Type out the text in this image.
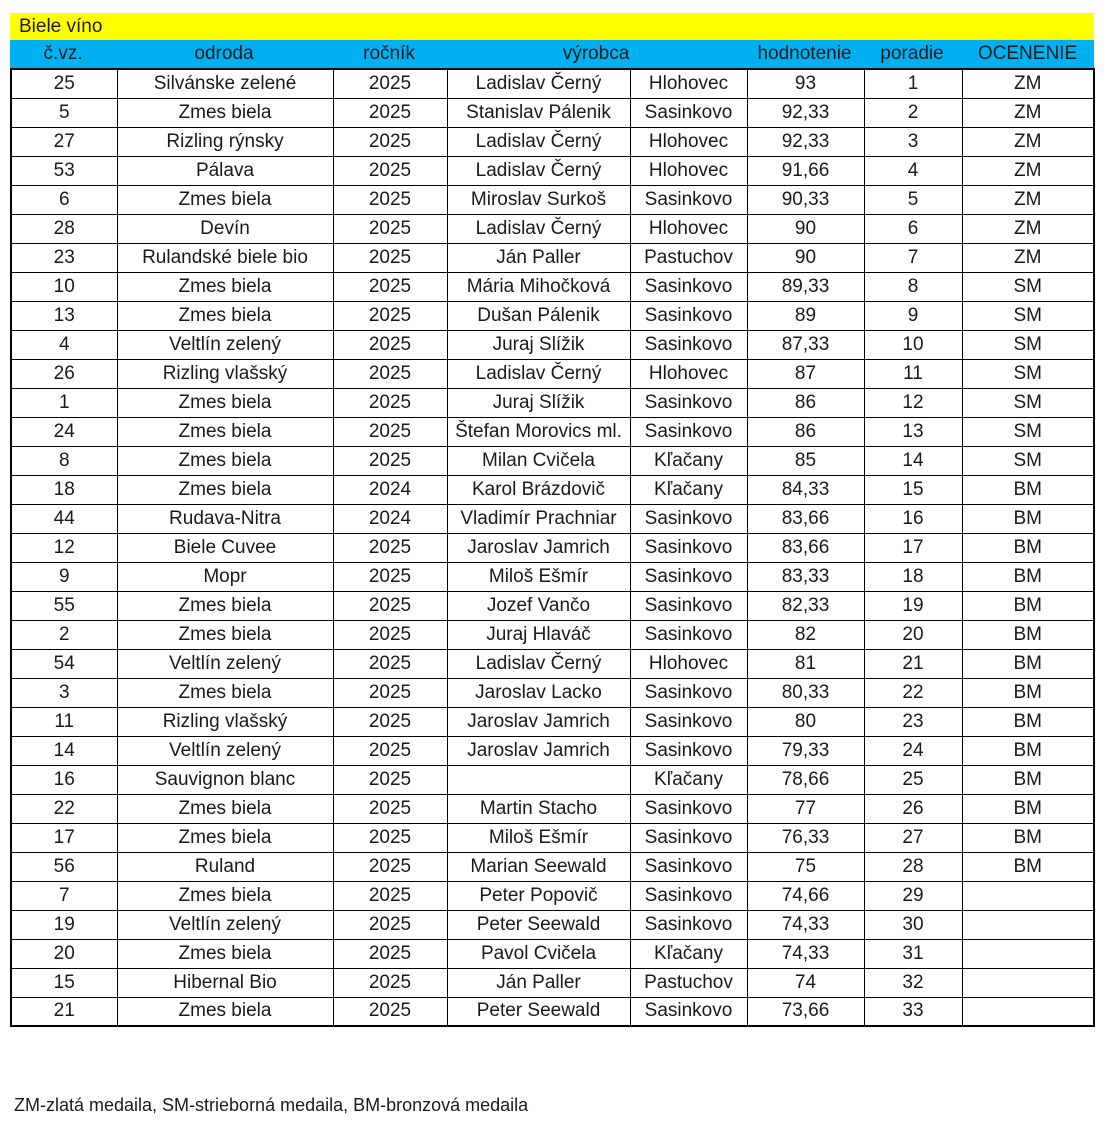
Biele víno
č.vz.	odroda	ročník	výrobca	hodnotenie	poradie	OCENENIE
25	Silvánske zelené	2025	Ladislav Černý	Hlohovec	93	1	ZM
5	Zmes biela	2025	Stanislav Pálenik	Sasinkovo	92,33	2	ZM
27	Rizling rýnsky	2025	Ladislav Černý	Hlohovec	92,33	3	ZM
53	Pálava	2025	Ladislav Černý	Hlohovec	91,66	4	ZM
6	Zmes biela	2025	Miroslav Surkoš	Sasinkovo	90,33	5	ZM
28	Devín	2025	Ladislav Černý	Hlohovec	90	6	ZM
23	Rulandské biele bio	2025	Ján Paller	Pastuchov	90	7	ZM
10	Zmes biela	2025	Mária Mihočková	Sasinkovo	89,33	8	SM
13	Zmes biela	2025	Dušan Pálenik	Sasinkovo	89	9	SM
4	Veltlín zelený	2025	Juraj Slížik	Sasinkovo	87,33	10	SM
26	Rizling vlašský	2025	Ladislav Černý	Hlohovec	87	11	SM
1	Zmes biela	2025	Juraj Slížik	Sasinkovo	86	12	SM
24	Zmes biela	2025	Štefan Morovics ml.	Sasinkovo	86	13	SM
8	Zmes biela	2025	Milan Cvičela	Kľačany	85	14	SM
18	Zmes biela	2024	Karol Brázdovič	Kľačany	84,33	15	BM
44	Rudava-Nitra	2024	Vladimír Prachniar	Sasinkovo	83,66	16	BM
12	Biele Cuvee	2025	Jaroslav Jamrich	Sasinkovo	83,66	17	BM
9	Mopr	2025	Miloš Ešmír	Sasinkovo	83,33	18	BM
55	Zmes biela	2025	Jozef Vančo	Sasinkovo	82,33	19	BM
2	Zmes biela	2025	Juraj Hlaváč	Sasinkovo	82	20	BM
54	Veltlín zelený	2025	Ladislav Černý	Hlohovec	81	21	BM
3	Zmes biela	2025	Jaroslav Lacko	Sasinkovo	80,33	22	BM
11	Rizling vlašský	2025	Jaroslav Jamrich	Sasinkovo	80	23	BM
14	Veltlín zelený	2025	Jaroslav Jamrich	Sasinkovo	79,33	24	BM
16	Sauvignon blanc	2025		Kľačany	78,66	25	BM
22	Zmes biela	2025	Martin Stacho	Sasinkovo	77	26	BM
17	Zmes biela	2025	Miloš Ešmír	Sasinkovo	76,33	27	BM
56	Ruland	2025	Marian Seewald	Sasinkovo	75	28	BM
7	Zmes biela	2025	Peter Popovič	Sasinkovo	74,66	29	
19	Veltlín zelený	2025	Peter Seewald	Sasinkovo	74,33	30	
20	Zmes biela	2025	Pavol Cvičela	Kľačany	74,33	31	
15	Hibernal Bio	2025	Ján Paller	Pastuchov	74	32	
21	Zmes biela	2025	Peter Seewald	Sasinkovo	73,66	33	
ZM-zlatá medaila, SM-strieborná medaila, BM-bronzová medaila
